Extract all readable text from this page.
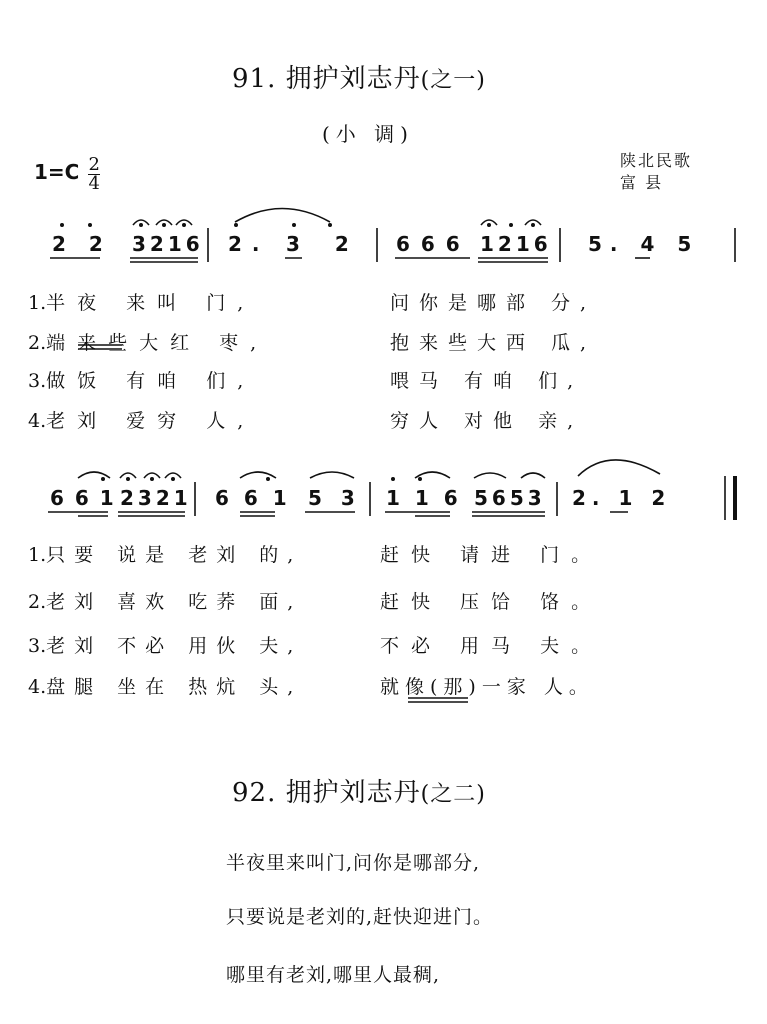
91. 拥护刘志丹(之一)
(小 调)
$1=C \frac{2}{4}$	陕北民歌
富 县
2 2 3216 2. 3 2 6 6 6 1216 5. 4 5
1.半夜 来叫 门,	问你是哪部 分,
2.端来些大红 枣,	抱来些大西 瓜,
3.做饭 有咱 们,	喂马 有咱 们,
4.老刘 爱穷 人,	穷人 对他 亲,
6 6 1 2321 6 6 1 5 3 1 1 6 5653 2. 1 2
1.只要 说是 老刘 的,	赶快 请进 门。
2.老刘 喜欢 吃荞 面,	赶快 压饸 饹。
3.老刘 不必 用伙 夫,	不必 用马 夫。
4.盘腿 坐在 热炕 头,	就像(那)一家 人。
92. 拥护刘志丹(之二)
半夜里来叫门,问你是哪部分,
只要说是老刘的,赶快迎进门。
哪里有老刘,哪里人最稠,
